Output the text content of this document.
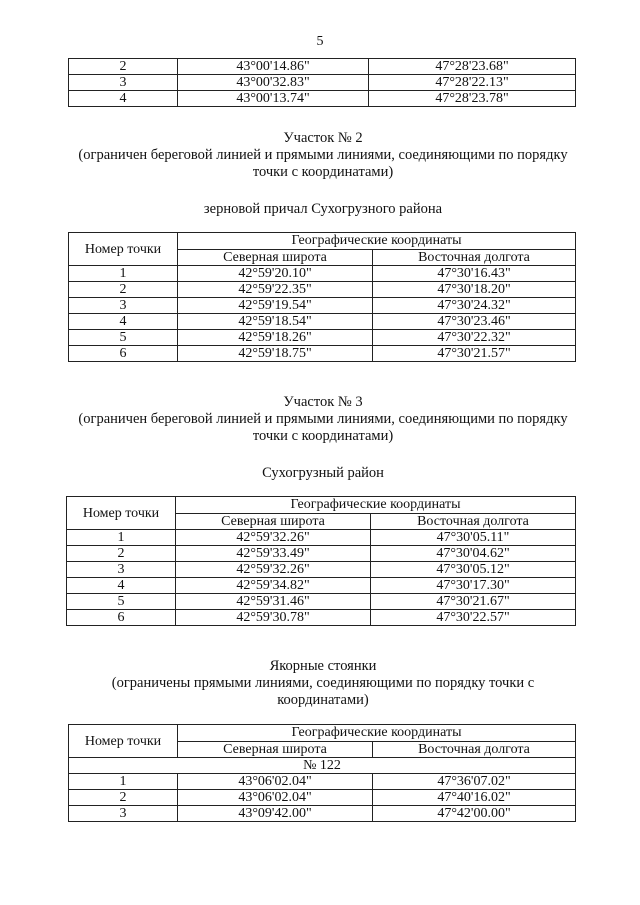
5
2	43°00'14.86"	47°28'23.68"
3	43°00'32.83"	47°28'22.13"
4	43°00'13.74"	47°28'23.78"
Участок № 2
(ограничен береговой линией и прямыми линиями, соединяющими по порядку
точки с координатами)
зерновой причал Сухогрузного района
Номер точки	Географические координаты	
	Северная широта	Восточная долгота
1	42°59'20.10"	47°30'16.43"
2	42°59'22.35"	47°30'18.20"
3	42°59'19.54"	47°30'24.32"
4	42°59'18.54"	47°30'23.46"
5	42°59'18.26"	47°30'22.32"
6	42°59'18.75"	47°30'21.57"
Участок № 3
(ограничен береговой линией и прямыми линиями, соединяющими по порядку
точки с координатами)
Сухогрузный район
Номер точки	Географические координаты	
	Северная широта	Восточная долгота
1	42°59'32.26"	47°30'05.11"
2	42°59'33.49"	47°30'04.62"
3	42°59'32.26"	47°30'05.12"
4	42°59'34.82"	47°30'17.30"
5	42°59'31.46"	47°30'21.67"
6	42°59'30.78"	47°30'22.57"
Якорные стоянки
(ограничены прямыми линиями, соединяющими по порядку точки с
координатами)
Номер точки	Географические координаты	
	Северная широта	Восточная долгота
№ 122		
1	43°06'02.04"	47°36'07.02"
2	43°06'02.04"	47°40'16.02"
3	43°09'42.00"	47°42'00.00"
